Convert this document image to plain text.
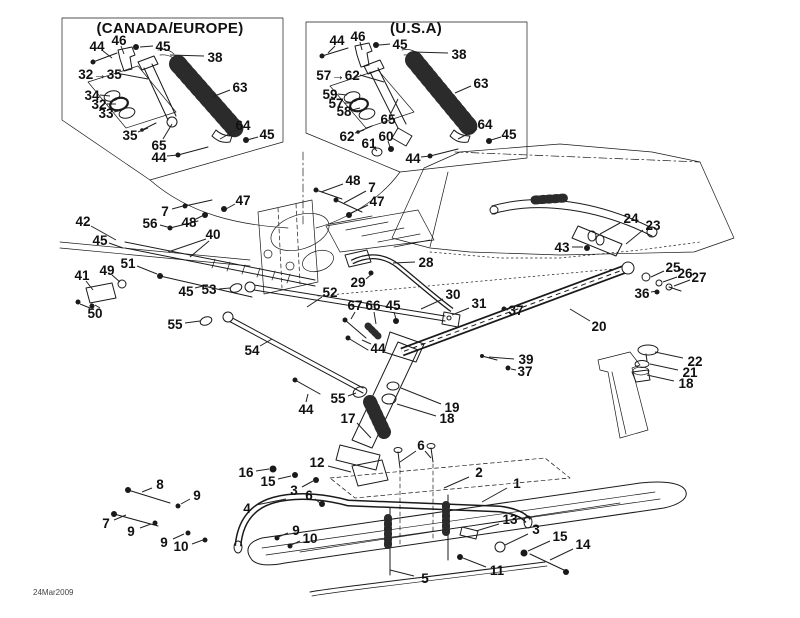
(CANADA/EUROPE)	(U.S.A)
24Mar2009
44 46 45
38
32→35
34
32
33
63
35
65
64
45
44
44 46
45
38
57→62
59
57
58
63
65
62 61 60
64
45
44
48 7
47
47
7
56 48
42
45	40
51
49
41
45 53
50
55
52
54
28
29
30
31
67 66 45
44
37
39
37
24 23
43
25
26
27
36
20
22
21
18
55
44
17
19
18
12
6
16
15
3 6
2
1
13
3 15
14
11
5
4
8
9
7
9
9 10
9
10
